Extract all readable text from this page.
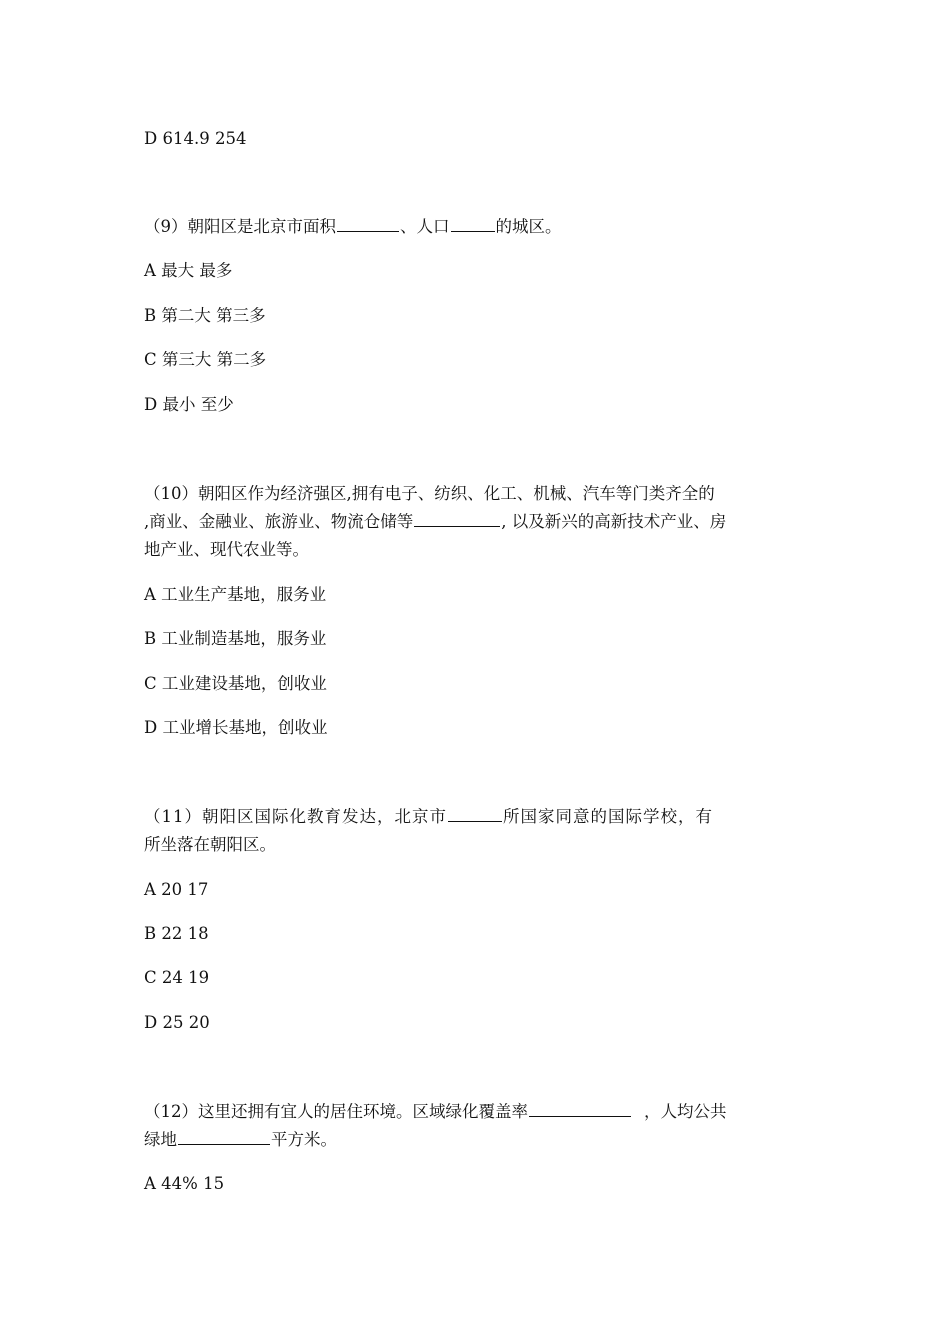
D 614.9 254
（9）朝阳区是北京市面积	、人口	的城区。
A 最大 最多
B 第二大 第三多
C 第三大 第二多
D 最小 至少
（10）朝阳区作为经济强区,拥有电子、纺织、化工、机械、汽车等门类齐全的
,商业、金融业、旅游业、物流仓储等	, 以及新兴的高新技术产业、房
地产业、现代农业等。
A 工业生产基地，服务业
B 工业制造基地，服务业
C 工业建设基地，创收业
D 工业增长基地，创收业
（11）朝阳区国际化教育发达，北京市	所国家同意的国际学校，有
所坐落在朝阳区。
A 20 17
B 22 18
C 24 19
D 25 20
（12）这里还拥有宜人的居住环境。区域绿化覆盖率	，人均公共
绿地	平方米。
A 44% 15
